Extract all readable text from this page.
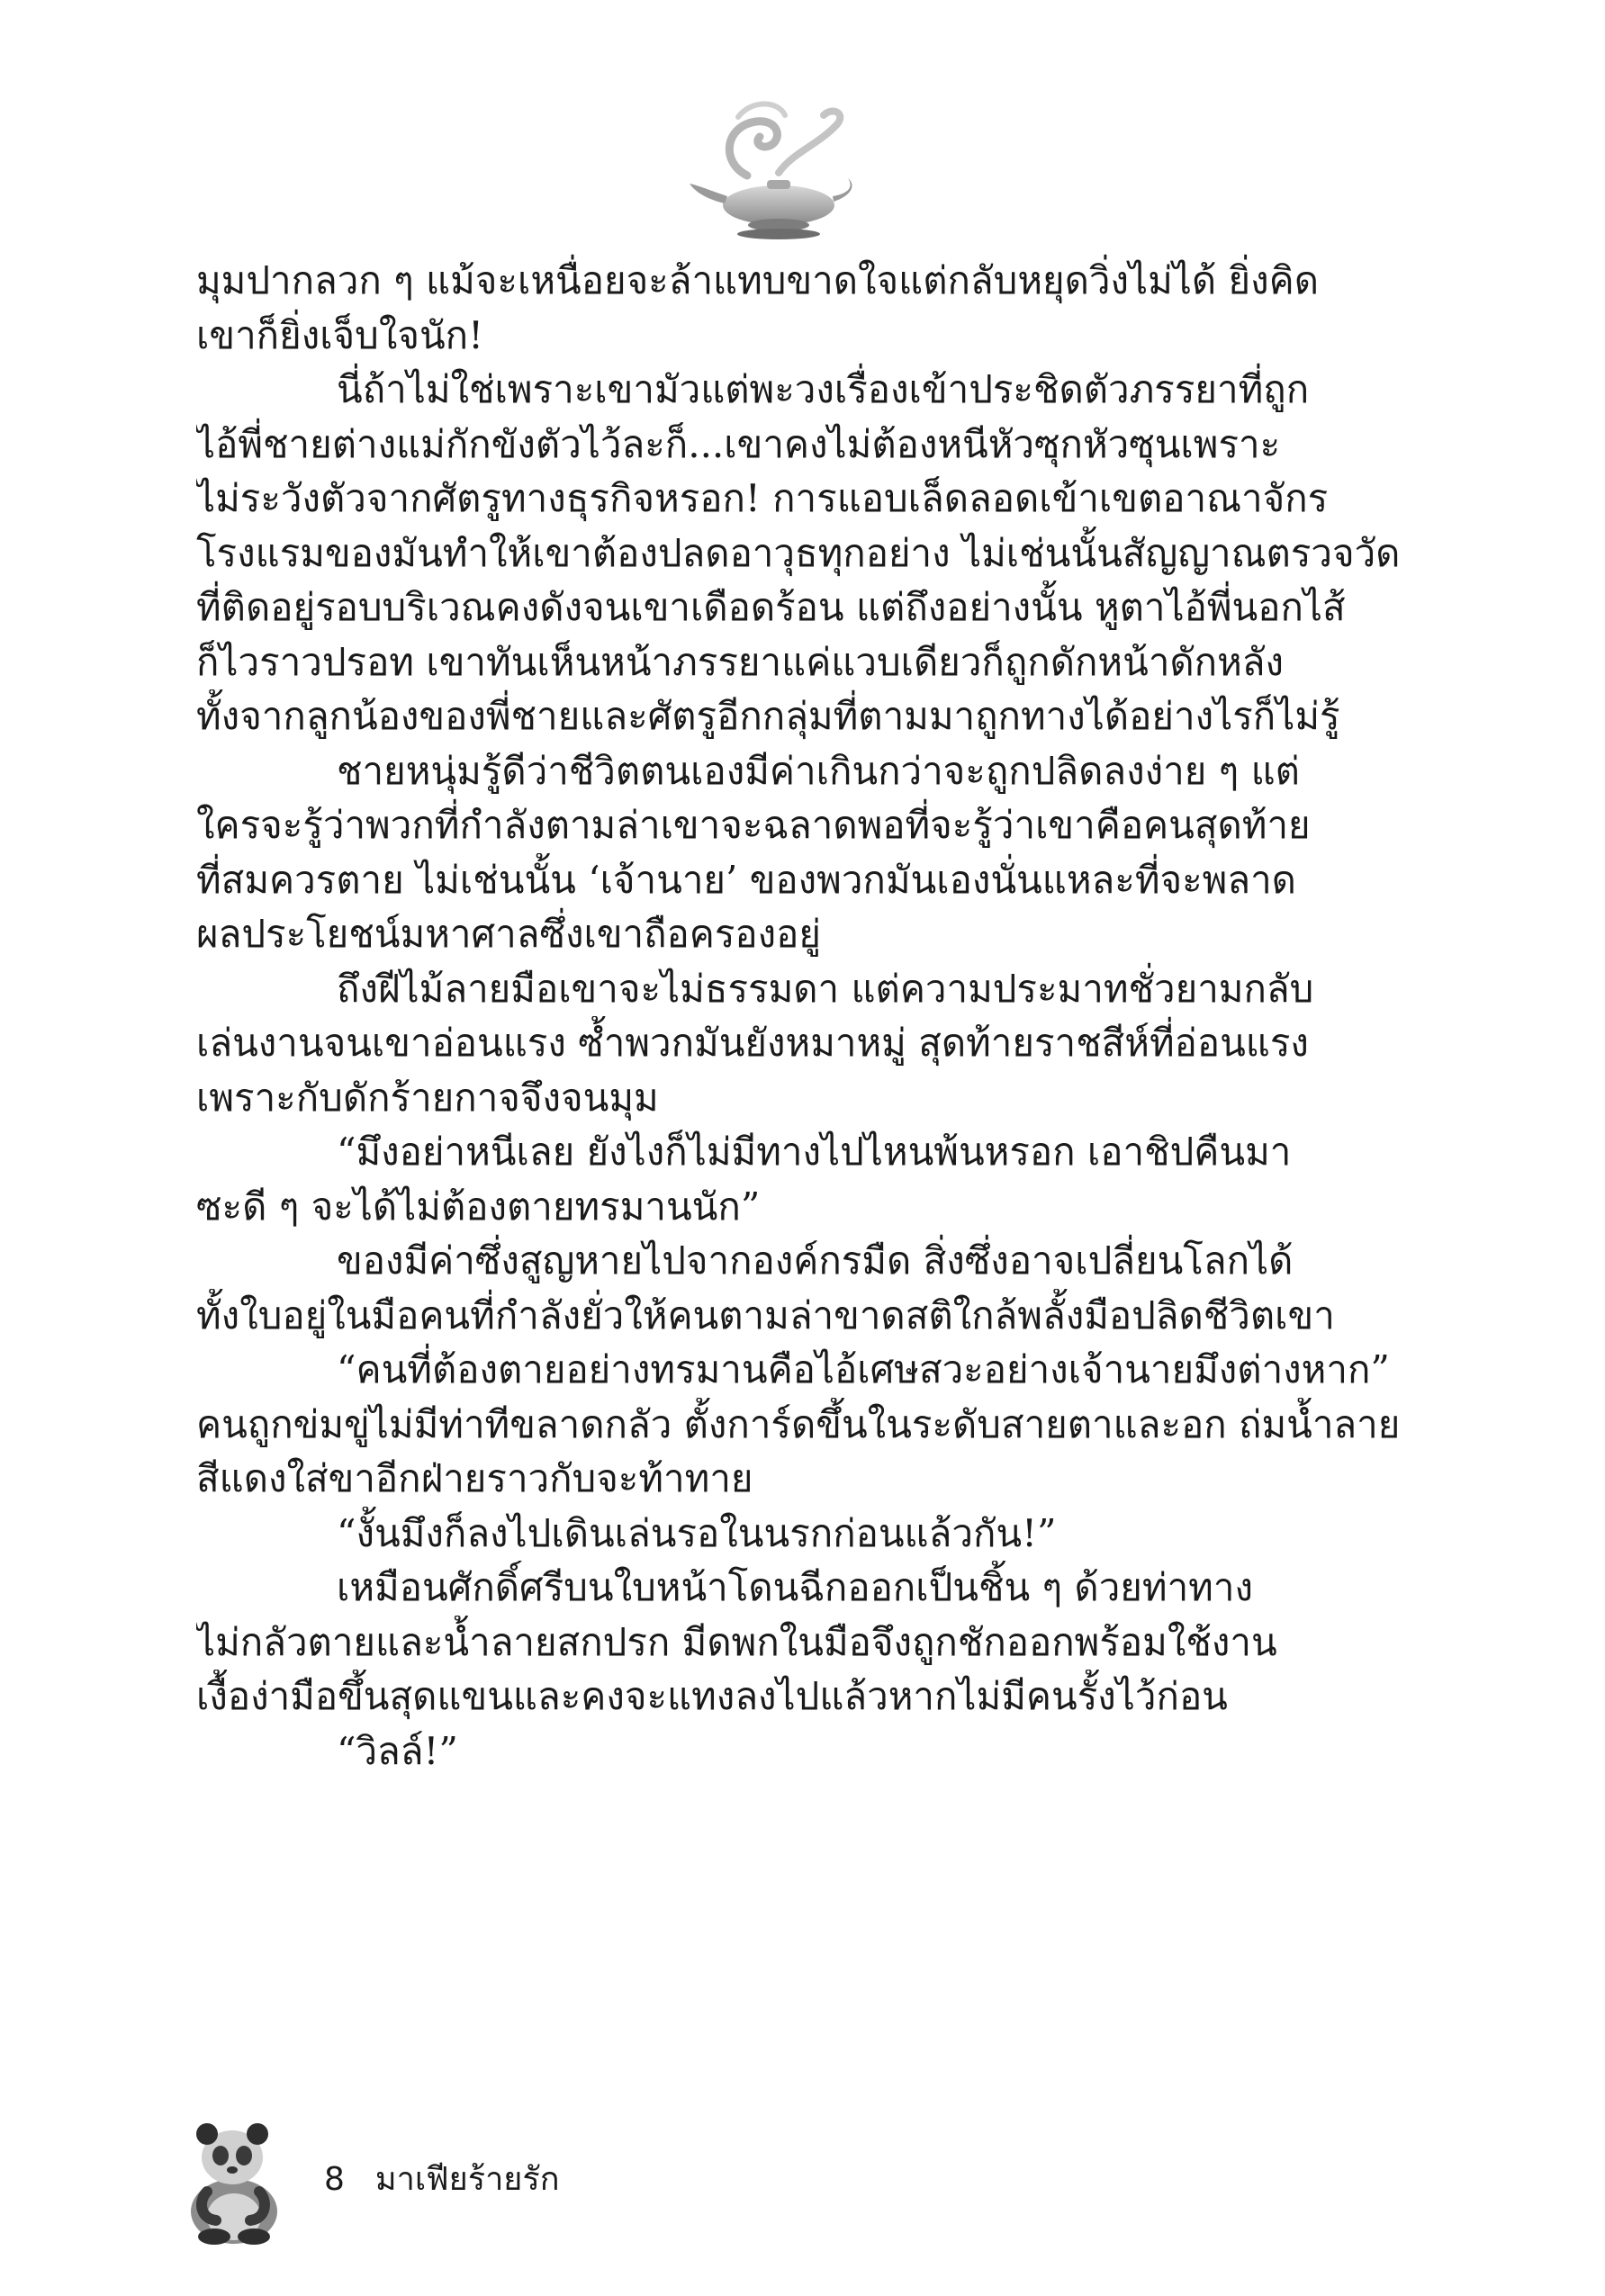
มุมปากลวก ๆ แม้จะเหนื่อยจะล้าแทบขาดใจแต่กลับหยุดวิ่งไม่ได้ ยิ่งคิด
เขาก็ยิ่งเจ็บใจนัก!
นี่ถ้าไม่ใช่เพราะเขามัวแต่พะวงเรื่องเข้าประชิดตัวภรรยาที่ถูก
ไอ้พี่ชายต่างแม่กักขังตัวไว้ละก็...เขาคงไม่ต้องหนีหัวซุกหัวซุนเพราะ
ไม่ระวังตัวจากศัตรูทางธุรกิจหรอก! การแอบเล็ดลอดเข้าเขตอาณาจักร
โรงแรมของมันทำให้เขาต้องปลดอาวุธทุกอย่าง ไม่เช่นนั้นสัญญาณตรวจวัด
ที่ติดอยู่รอบบริเวณคงดังจนเขาเดือดร้อน แต่ถึงอย่างนั้น หูตาไอ้พี่นอกไส้
ก็ไวราวปรอท เขาทันเห็นหน้าภรรยาแค่แวบเดียวก็ถูกดักหน้าดักหลัง
ทั้งจากลูกน้องของพี่ชายและศัตรูอีกกลุ่มที่ตามมาถูกทางได้อย่างไรก็ไม่รู้
ชายหนุ่มรู้ดีว่าชีวิตตนเองมีค่าเกินกว่าจะถูกปลิดลงง่าย ๆ แต่
ใครจะรู้ว่าพวกที่กำลังตามล่าเขาจะฉลาดพอที่จะรู้ว่าเขาคือคนสุดท้าย
ที่สมควรตาย ไม่เช่นนั้น ‘เจ้านาย’ ของพวกมันเองนั่นแหละที่จะพลาด
ผลประโยชน์มหาศาลซึ่งเขาถือครองอยู่
ถึงฝีไม้ลายมือเขาจะไม่ธรรมดา แต่ความประมาทชั่วยามกลับ
เล่นงานจนเขาอ่อนแรง ซ้ำพวกมันยังหมาหมู่ สุดท้ายราชสีห์ที่อ่อนแรง
เพราะกับดักร้ายกาจจึงจนมุม
“มึงอย่าหนีเลย ยังไงก็ไม่มีทางไปไหนพ้นหรอก เอาชิปคืนมา
ซะดี ๆ จะได้ไม่ต้องตายทรมานนัก”
ของมีค่าซึ่งสูญหายไปจากองค์กรมืด สิ่งซึ่งอาจเปลี่ยนโลกได้
ทั้งใบอยู่ในมือคนที่กำลังยั่วให้คนตามล่าขาดสติใกล้พลั้งมือปลิดชีวิตเขา
“คนที่ต้องตายอย่างทรมานคือไอ้เศษสวะอย่างเจ้านายมึงต่างหาก”
คนถูกข่มขู่ไม่มีท่าทีขลาดกลัว ตั้งการ์ดขึ้นในระดับสายตาและอก ถ่มน้ำลาย
สีแดงใส่ขาอีกฝ่ายราวกับจะท้าทาย
“งั้นมึงก็ลงไปเดินเล่นรอในนรกก่อนแล้วกัน!”
เหมือนศักดิ์ศรีบนใบหน้าโดนฉีกออกเป็นชิ้น ๆ ด้วยท่าทาง
ไม่กลัวตายและน้ำลายสกปรก มีดพกในมือจึงถูกชักออกพร้อมใช้งาน
เงื้อง่ามือขึ้นสุดแขนและคงจะแทงลงไปแล้วหากไม่มีคนรั้งไว้ก่อน
“วิลล์!”
8 มาเฟียร้ายรัก
